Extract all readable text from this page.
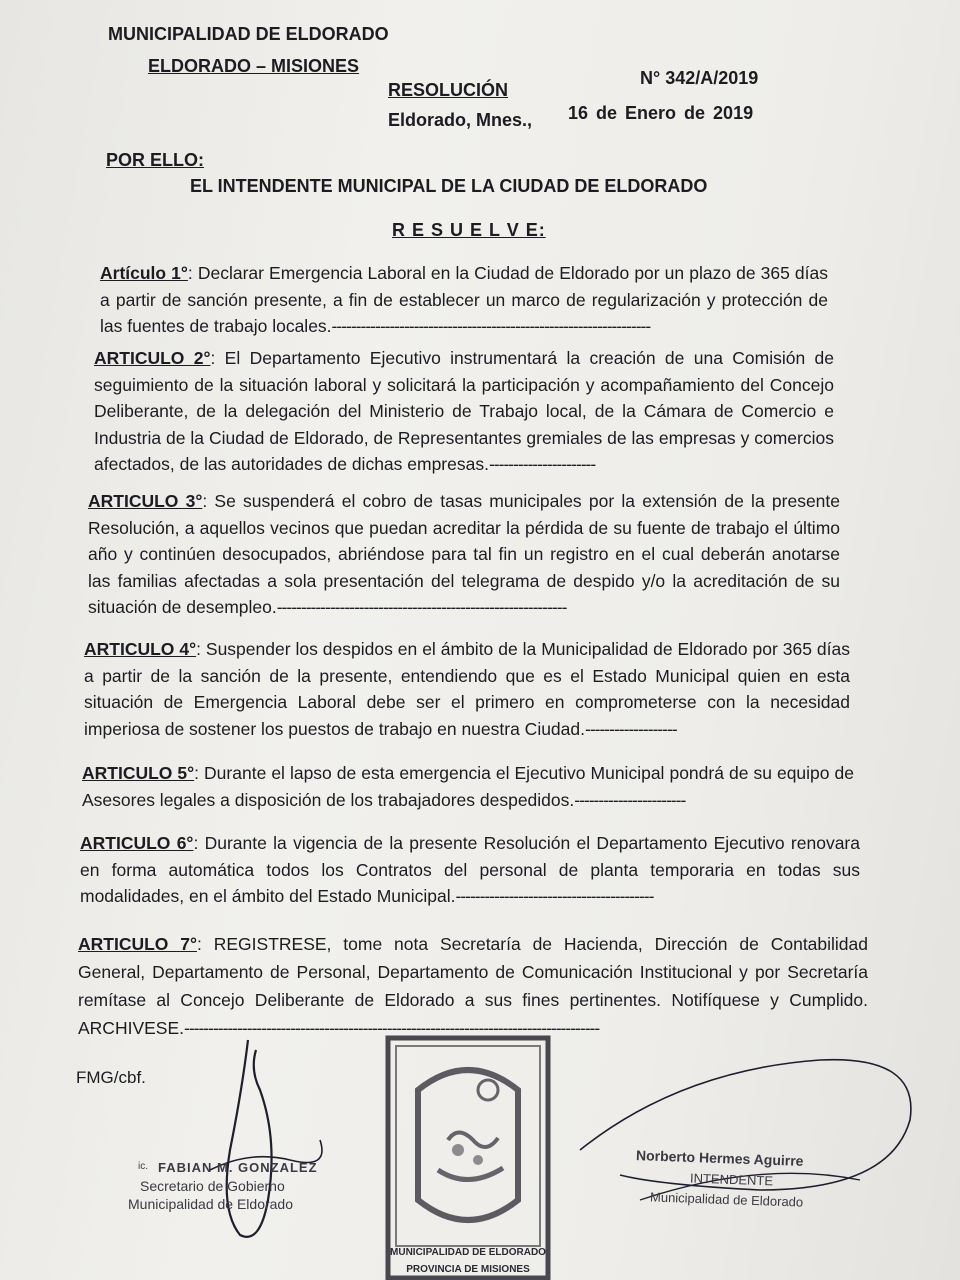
MUNICIPALIDAD DE ELDORADO
ELDORADO – MISIONES
RESOLUCIÓN
N° 342/A/2019
Eldorado, Mnes., 16 de Enero de 2019
POR ELLO:
EL INTENDENTE MUNICIPAL DE LA CIUDAD DE ELDORADO
R E S U E L V E:
Artículo 1°: Declarar Emergencia Laboral en la Ciudad de Eldorado por un plazo de 365 días a partir de sanción presente, a fin de establecer un marco de regularización y protección de las fuentes de trabajo locales.------------------------------------------------------------------
ARTICULO 2°: El Departamento Ejecutivo instrumentará la creación de una Comisión de seguimiento de la situación laboral y solicitará la participación y acompañamiento del Concejo Deliberante, de la delegación del Ministerio de Trabajo local, de la Cámara de Comercio e Industria de la Ciudad de Eldorado, de Representantes gremiales de las empresas y comercios afectados, de las autoridades de dichas empresas.----------------------
ARTICULO 3°: Se suspenderá el cobro de tasas municipales por la extensión de la presente Resolución, a aquellos vecinos que puedan acreditar la pérdida de su fuente de trabajo el último año y continúen desocupados, abriéndose para tal fin un registro en el cual deberán anotarse las familias afectadas a sola presentación del telegrama de despido y/o la acreditación de su situación de desempleo.------------------------------------------------------------
ARTICULO 4°: Suspender los despidos en el ámbito de la Municipalidad de Eldorado por 365 días a partir de la sanción de la presente, entendiendo que es el Estado Municipal quien en esta situación de Emergencia Laboral debe ser el primero en comprometerse con la necesidad imperiosa de sostener los puestos de trabajo en nuestra Ciudad.-------------------
ARTICULO 5°: Durante el lapso de esta emergencia el Ejecutivo Municipal pondrá de su equipo de Asesores legales a disposición de los trabajadores despedidos.-----------------------
ARTICULO 6°: Durante la vigencia de la presente Resolución el Departamento Ejecutivo renovara en forma automática todos los Contratos del personal de planta temporaria en todas sus modalidades, en el ámbito del Estado Municipal.-----------------------------------------
ARTICULO 7°: REGISTRESE, tome nota Secretaría de Hacienda, Dirección de Contabilidad General, Departamento de Personal, Departamento de Comunicación Institucional y por Secretaría remítase al Concejo Deliberante de Eldorado a sus fines pertinentes. Notifíquese y Cumplido. ARCHIVESE.--------------------------------------------------------------------------------------
FMG/cbf.
MUNICIPALIDAD DE ELDORADO
PROVINCIA DE MISIONES
ic. FABIAN M. GONZALEZ
Secretario de Gobierno
Municipalidad de Eldorado
Norberto Hermes Aguirre
INTENDENTE
Municipalidad de Eldorado
